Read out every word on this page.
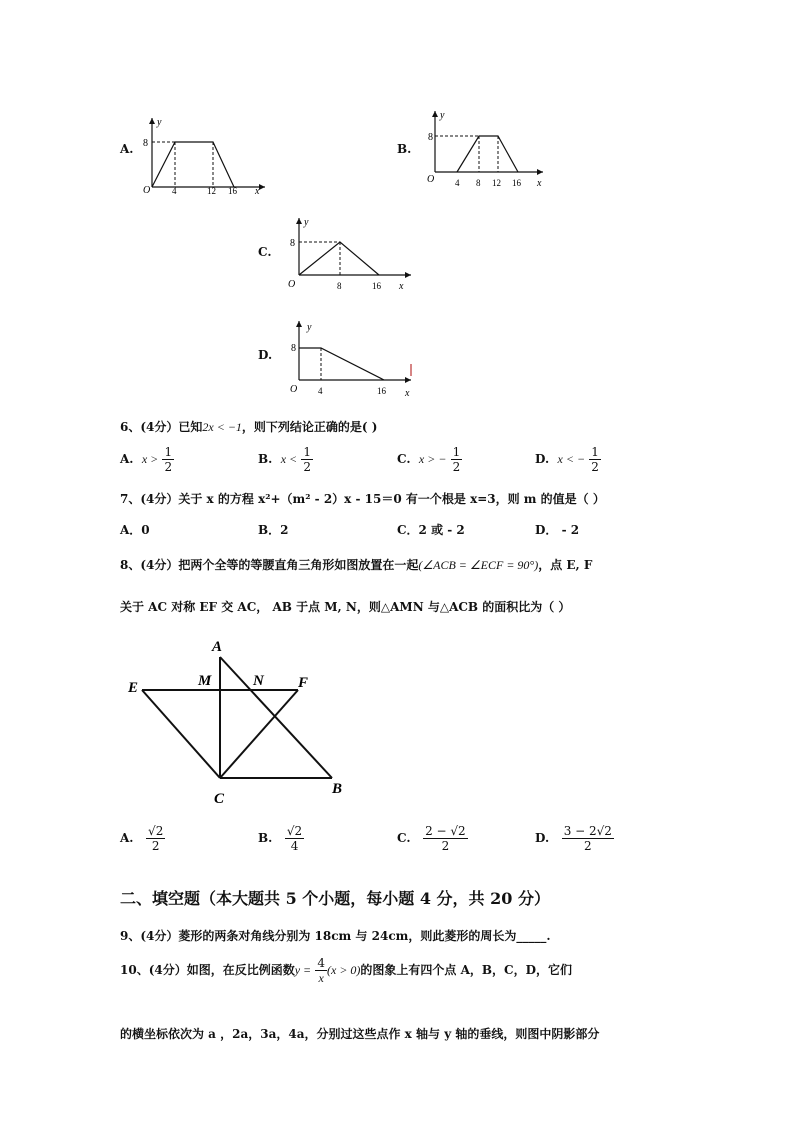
A.
y
8
O 4	12 16 x
B.
y
8
O 4 8 12 16 x
C.
y
8
O	8	16 x
D.
y
8
O 4	16 x
6、(4分）已知2x < −1，则下列结论正确的是( )
A. $x > \frac{1}{2}$	B. $x < \frac{1}{2}$	C. x > − $\frac{1}{2}$	D. x < − $\frac{1}{2}$
7、(4分）关于 x 的方程 x²+（m² - 2）x - 15＝0 有一个根是 x=3，则 m 的值是（ ）
A．0	B．2	C．2 或 - 2	D． - 2
8、(4分）把两个全等的等腰直角三角形如图放置在一起(∠ACB = ∠ECF = 90°)，点 E, F
关于 AC 对称 EF 交 AC， AB 于点 M, N，则△AMN 与△ACB 的面积比为（ ）
A
M	N
E	F
C
B
A. $\frac{√2}{2}$	B. $\frac{√2}{4}$	C. $\frac{2 - √2}{2}$	D. $\frac{3 - 2√2}{2}$
二、填空题（本大题共 5 个小题，每小题 4 分，共 20 分）
9、(4分）菱形的两条对角线分别为 18cm 与 24cm，则此菱形的周长为_____.
10、(4分）如图，在反比例函数$y = \frac{4}{x} (x > 0)$的图象上有四个点 A，B，C，D，它们
的横坐标依次为 a ，2a，3a，4a，分别过这些点作 x 轴与 y 轴的垂线，则图中阴影部分
